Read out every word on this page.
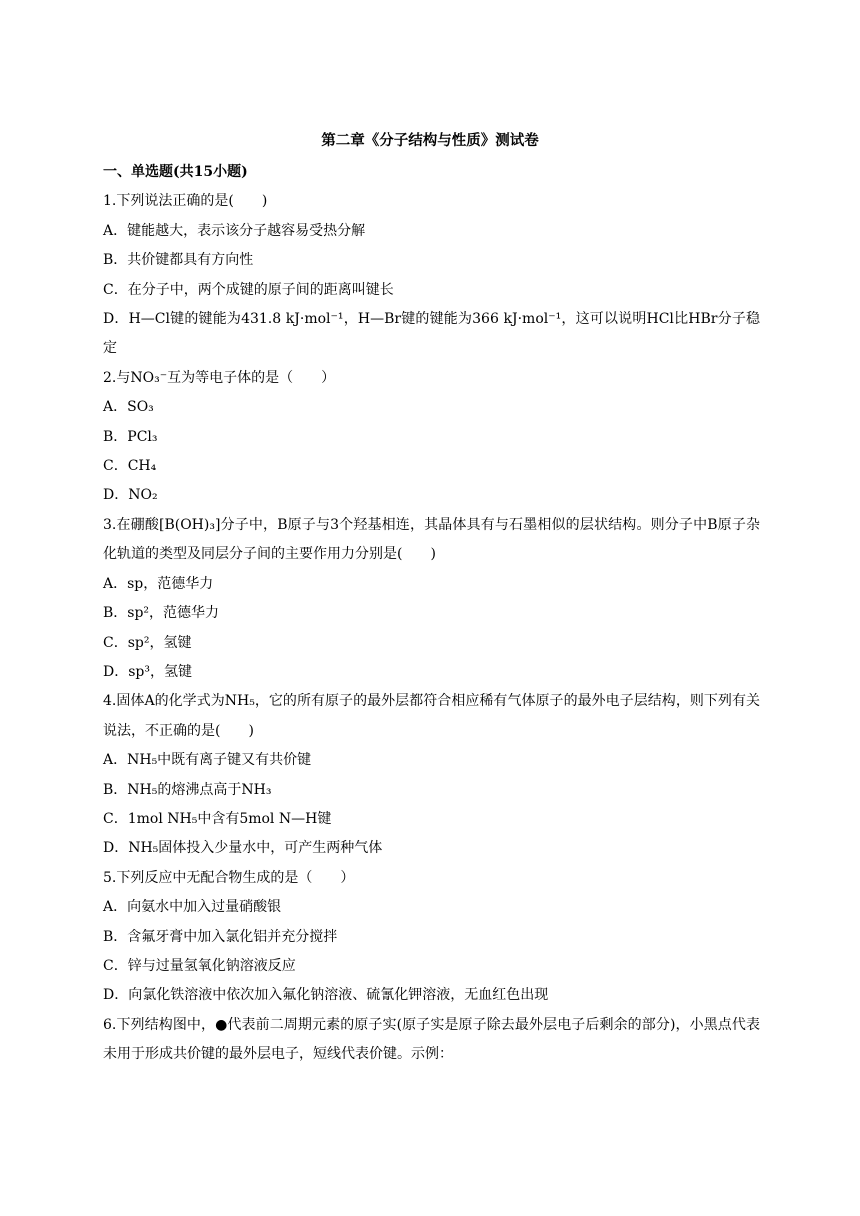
第二章《分子结构与性质》测试卷
一、单选题(共15小题)
1.下列说法正确的是(　　)
A．键能越大，表示该分子越容易受热分解
B．共价键都具有方向性
C．在分子中，两个成键的原子间的距离叫键长
D．H—Cl键的键能为431.8 kJ·mol⁻¹，H—Br键的键能为366 kJ·mol⁻¹，这可以说明HCl比HBr分子稳定
2.与NO₃⁻互为等电子体的是（　　）
A．SO₃
B．PCl₃
C．CH₄
D．NO₂
3.在硼酸[B(OH)₃]分子中，B原子与3个羟基相连，其晶体具有与石墨相似的层状结构。则分子中B原子杂化轨道的类型及同层分子间的主要作用力分别是(　　)
A．sp，范德华力
B．sp²，范德华力
C．sp²，氢键
D．sp³，氢键
4.固体A的化学式为NH₅，它的所有原子的最外层都符合相应稀有气体原子的最外电子层结构，则下列有关说法，不正确的是(　　)
A．NH₅中既有离子键又有共价键
B．NH₅的熔沸点高于NH₃
C．1mol NH₅中含有5mol N—H键
D．NH₅固体投入少量水中，可产生两种气体
5.下列反应中无配合物生成的是（　　）
A．向氨水中加入过量硝酸银
B．含氟牙膏中加入氯化铝并充分搅拌
C．锌与过量氢氧化钠溶液反应
D．向氯化铁溶液中依次加入氟化钠溶液、硫氰化钾溶液，无血红色出现
6.下列结构图中，●代表前二周期元素的原子实(原子实是原子除去最外层电子后剩余的部分)，小黑点代表未用于形成共价键的最外层电子，短线代表价键。示例：
